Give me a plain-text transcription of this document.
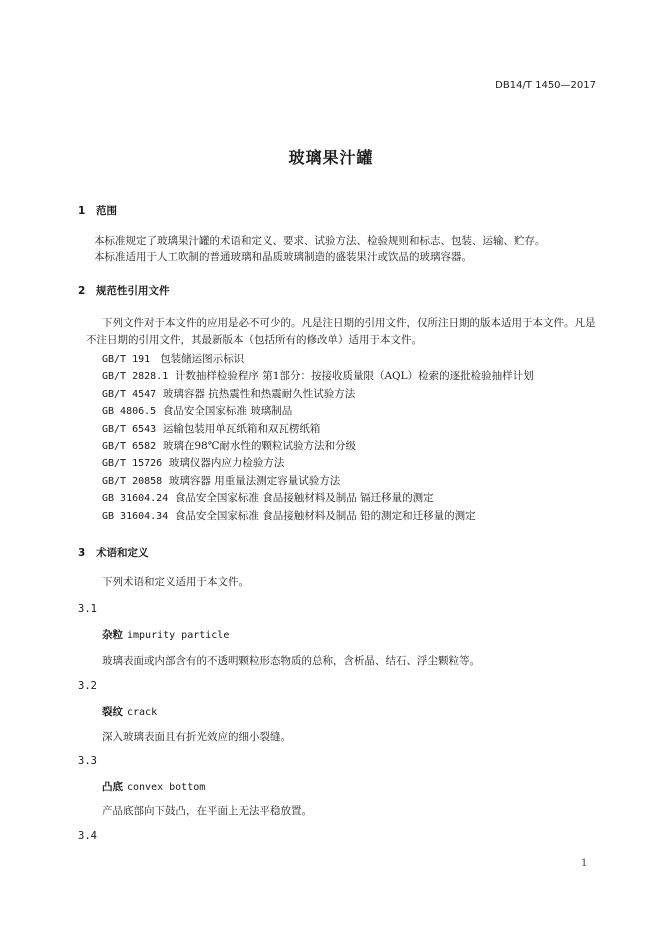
DB14/T 1450—2017
玻璃果汁罐
1 范围
本标准规定了玻璃果汁罐的术语和定义、要求、试验方法、检验规则和标志、包装、运输、贮存。
本标准适用于人工吹制的普通玻璃和晶质玻璃制造的盛装果汁或饮品的玻璃容器。
2 规范性引用文件
下列文件对于本文件的应用是必不可少的。凡是注日期的引用文件，仅所注日期的版本适用于本文件。凡是不注日期的引用文件，其最新版本（包括所有的修改单）适用于本文件。
GB/T 191 包装储运图示标识
GB/T 2828.1 计数抽样检验程序 第1部分：按接收质量限（AQL）检索的逐批检验抽样计划
GB/T 4547 玻璃容器 抗热震性和热震耐久性试验方法
GB 4806.5 食品安全国家标准 玻璃制品
GB/T 6543 运输包装用单瓦纸箱和双瓦楞纸箱
GB/T 6582 玻璃在98℃耐水性的颗粒试验方法和分级
GB/T 15726 玻璃仪器内应力检验方法
GB/T 20858 玻璃容器 用重量法测定容量试验方法
GB 31604.24 食品安全国家标准 食品接触材料及制品 镉迁移量的测定
GB 31604.34 食品安全国家标准 食品接触材料及制品 铅的测定和迁移量的测定
3 术语和定义
下列术语和定义适用于本文件。
3.1
杂粒 impurity particle
玻璃表面或内部含有的不透明颗粒形态物质的总称，含析晶、结石、浮尘颗粒等。
3.2
裂纹 crack
深入玻璃表面且有折光效应的细小裂缝。
3.3
凸底 convex bottom
产品底部向下鼓凸，在平面上无法平稳放置。
3.4
1
